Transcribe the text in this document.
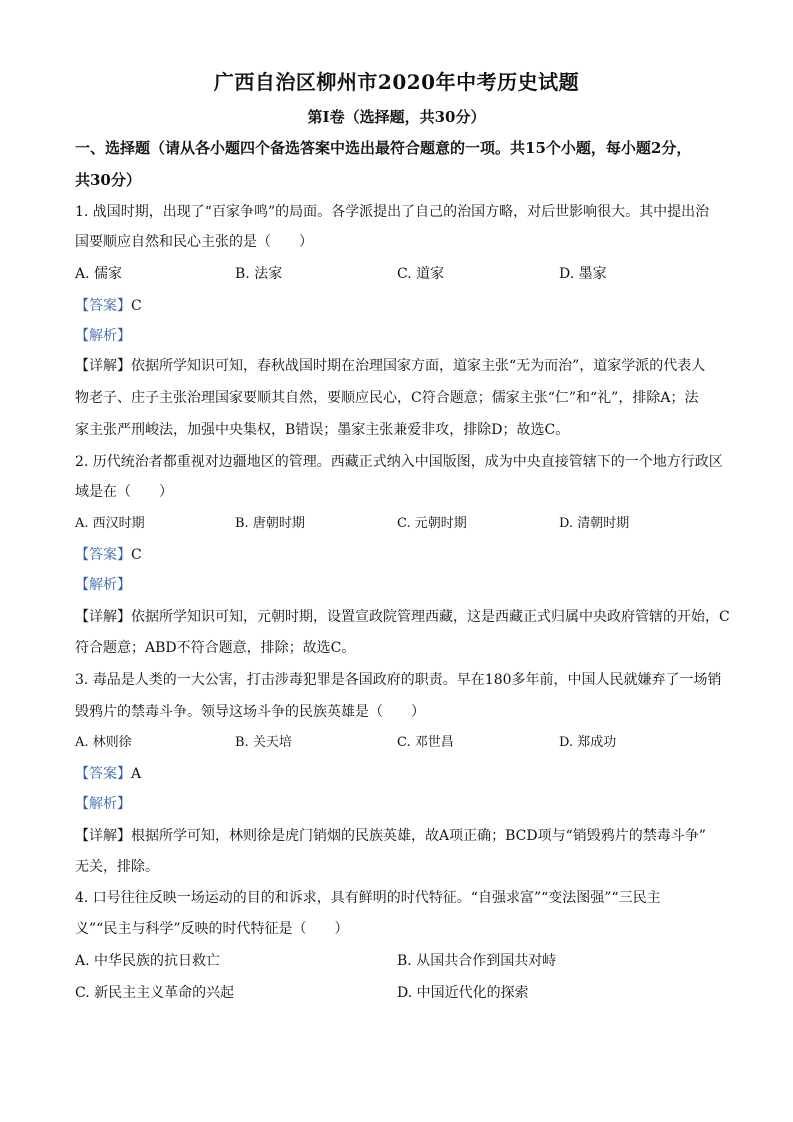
广西自治区柳州市2020年中考历史试题
第Ⅰ卷（选择题，共30分）
一、选择题（请从各小题四个备选答案中选出最符合题意的一项。共15个小题，每小题2分，
共30分）
1. 战国时期，出现了“百家争鸣”的局面。各学派提出了自己的治国方略，对后世影响很大。其中提出治
国要顺应自然和民心主张的是（　　）
A. 儒家	B. 法家	C. 道家	D. 墨家
【答案】C
【解析】
【详解】依据所学知识可知，春秋战国时期在治理国家方面，道家主张“无为而治”，道家学派的代表人
物老子、庄子主张治理国家要顺其自然，要顺应民心，C符合题意；儒家主张“仁”和“礼”，排除A；法
家主张严刑峻法，加强中央集权，B错误；墨家主张兼爱非攻，排除D；故选C。
2. 历代统治者都重视对边疆地区的管理。西藏正式纳入中国版图，成为中央直接管辖下的一个地方行政区
域是在（　　）
A. 西汉时期	B. 唐朝时期	C. 元朝时期	D. 清朝时期
【答案】C
【解析】
【详解】依据所学知识可知，元朝时期，设置宣政院管理西藏，这是西藏正式归属中央政府管辖的开始，C
符合题意；ABD不符合题意，排除；故选C。
3. 毒品是人类的一大公害，打击涉毒犯罪是各国政府的职责。早在180多年前，中国人民就嫌弃了一场销
毁鸦片的禁毒斗争。领导这场斗争的民族英雄是（　　）
A. 林则徐	B. 关天培	C. 邓世昌	D. 郑成功
【答案】A
【解析】
【详解】根据所学可知，林则徐是虎门销烟的民族英雄，故A项正确；BCD项与“销毁鸦片的禁毒斗争”
无关，排除。
4. 口号往往反映一场运动的目的和诉求，具有鲜明的时代特征。“自强求富”“变法图强”“三民主
义”“民主与科学”反映的时代特征是（　　）
A. 中华民族的抗日救亡	B. 从国共合作到国共对峙
C. 新民主主义革命的兴起	D. 中国近代化的探索
